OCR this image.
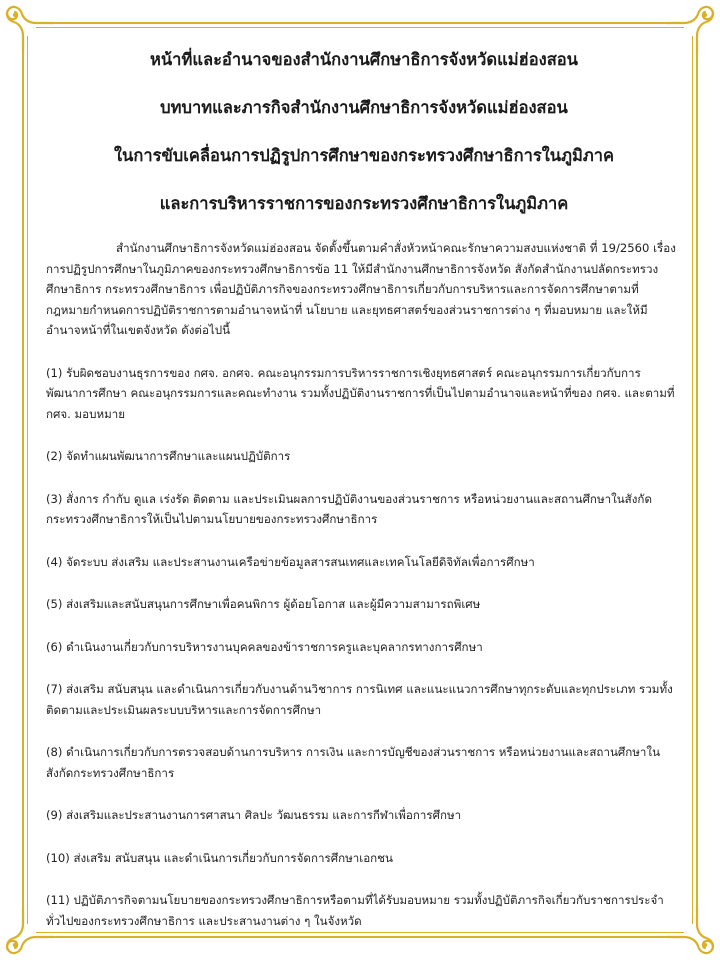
หน้าที่และอำนาจของสำนักงานศึกษาธิการจังหวัดแม่ฮ่องสอน

บทบาทและภารกิจสำนักงานศึกษาธิการจังหวัดแม่ฮ่องสอน

ในการขับเคลื่อนการปฏิรูปการศึกษาของกระทรวงศึกษาธิการในภูมิภาค

และการบริหารราชการของกระทรวงศึกษาธิการในภูมิภาค

สำนักงานศึกษาธิการจังหวัดแม่ฮ่องสอน จัดตั้งขึ้นตามคำสั่งหัวหน้าคณะรักษาความสงบแห่งชาติ ที่ 19/2560 เรื่อง การปฏิรูปการศึกษาในภูมิภาคของกระทรวงศึกษาธิการข้อ 11 ให้มีสำนักงานศึกษาธิการจังหวัด สังกัดสำนักงานปลัดกระทรวงศึกษาธิการ กระทรวงศึกษาธิการ เพื่อปฏิบัติภารกิจของกระทรวงศึกษาธิการเกี่ยวกับการบริหารและการจัดการศึกษาตามที่กฎหมายกำหนดการปฏิบัติราชการตามอำนาจหน้าที่ นโยบาย และยุทธศาสตร์ของส่วนราชการต่าง ๆ ที่มอบหมาย และให้มีอำนาจหน้าที่ในเขตจังหวัด ดังต่อไปนี้

(1) รับผิดชอบงานธุรการของ กศจ. อกศจ. คณะอนุกรรมการบริหารราชการเชิงยุทธศาสตร์ คณะอนุกรรมการเกี่ยวกับการพัฒนาการศึกษา คณะอนุกรรมการและคณะทำงาน รวมทั้งปฏิบัติงานราชการที่เป็นไปตามอำนาจและหน้าที่ของ กศจ. และตามที่ กศจ. มอบหมาย

(2) จัดทำแผนพัฒนาการศึกษาและแผนปฏิบัติการ

(3) สั่งการ กำกับ ดูแล เร่งรัด ติดตาม และประเมินผลการปฏิบัติงานของส่วนราชการ หรือหน่วยงานและสถานศึกษาในสังกัดกระทรวงศึกษาธิการให้เป็นไปตามนโยบายของกระทรวงศึกษาธิการ

(4) จัดระบบ ส่งเสริม และประสานงานเครือข่ายข้อมูลสารสนเทศและเทคโนโลยีดิจิทัลเพื่อการศึกษา

(5) ส่งเสริมและสนับสนุนการศึกษาเพื่อคนพิการ ผู้ด้อยโอกาส และผู้มีความสามารถพิเศษ

(6) ดำเนินงานเกี่ยวกับการบริหารงานบุคคลของข้าราชการครูและบุคลากรทางการศึกษา

(7) ส่งเสริม สนับสนุน และดำเนินการเกี่ยวกับงานด้านวิชาการ การนิเทศ และแนะแนวการศึกษาทุกระดับและทุกประเภท รวมทั้งติดตามและประเมินผลระบบบริหารและการจัดการศึกษา

(8) ดำเนินการเกี่ยวกับการตรวจสอบด้านการบริหาร การเงิน และการบัญชีของส่วนราชการ หรือหน่วยงานและสถานศึกษาในสังกัดกระทรวงศึกษาธิการ

(9) ส่งเสริมและประสานงานการศาสนา ศิลปะ วัฒนธรรม และการกีฬาเพื่อการศึกษา

(10) ส่งเสริม สนับสนุน และดำเนินการเกี่ยวกับการจัดการศึกษาเอกชน

(11) ปฏิบัติภารกิจตามนโยบายของกระทรวงศึกษาธิการหรือตามที่ได้รับมอบหมาย รวมทั้งปฏิบัติภารกิจเกี่ยวกับราชการประจำทั่วไปของกระทรวงศึกษาธิการ และประสานงานต่าง ๆ ในจังหวัด
